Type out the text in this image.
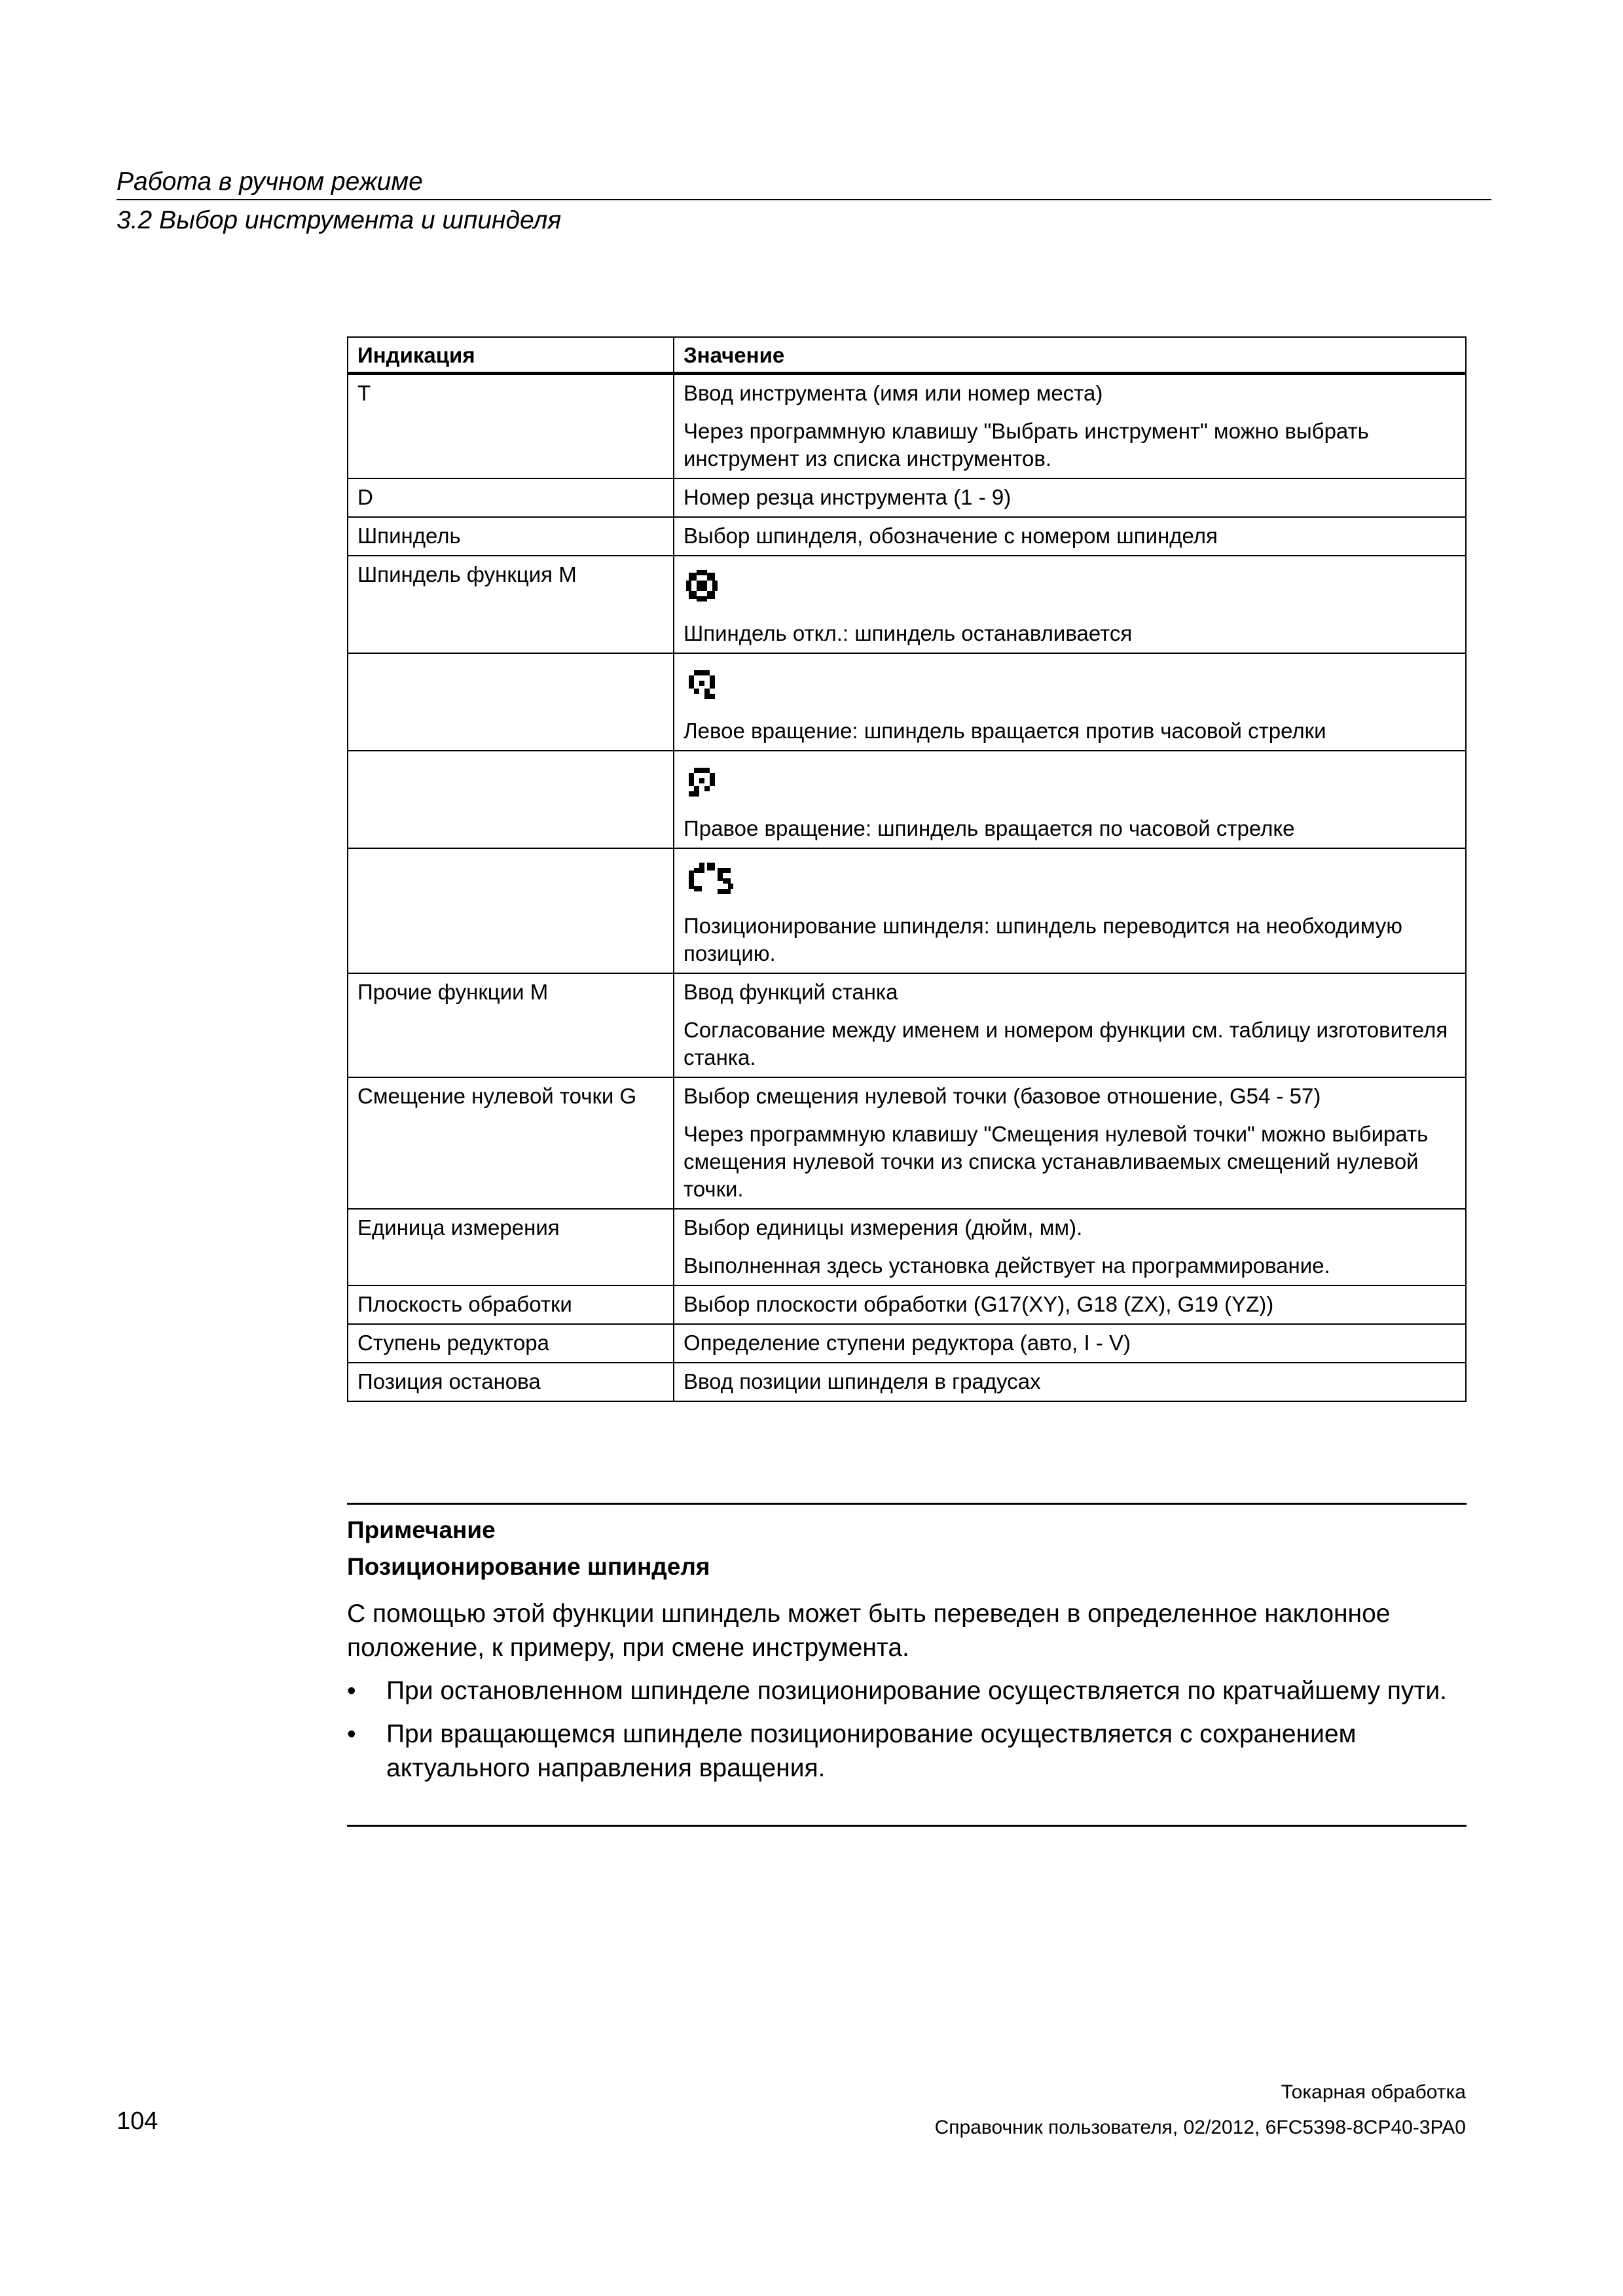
Работа в ручном режиме
3.2 Выбор инструмента и шпинделя
Индикация	Значение
T	Ввод инструмента (имя или номер места)

Через программную клавишу "Выбрать инструмент" можно выбрать инструмент из списка инструментов.

D	Номер резца инструмента (1 - 9)

Шпиндель	Выбор шпинделя, обозначение с номером шпинделя

Шпиндель функция M	Шпиндель откл.: шпиндель останавливается

	Левое вращение: шпиндель вращается против часовой стрелки

	Правое вращение: шпиндель вращается по часовой стрелке

	Позиционирование шпинделя: шпиндель переводится на необходимую позицию.

Прочие функции M	Ввод функций станка

Согласование между именем и номером функции см. таблицу изготовителя станка.

Смещение нулевой точки G	Выбор смещения нулевой точки (базовое отношение, G54 - 57)

Через программную клавишу "Смещения нулевой точки" можно выбирать смещения нулевой точки из списка устанавливаемых смещений нулевой точки.

Единица измерения	Выбор единицы измерения (дюйм, мм).

Выполненная здесь установка действует на программирование.

Плоскость обработки	Выбор плоскости обработки (G17(XY), G18 (ZX), G19 (YZ))

Ступень редуктора	Определение ступени редуктора (авто, I - V)

Позиция останова	Ввод позиции шпинделя в градусах

Примечание
Позиционирование шпинделя

С помощью этой функции шпиндель может быть переведен в определенное наклонное положение, к примеру, при смене инструмента.

•	При остановленном шпинделе позиционирование осуществляется по кратчайшему пути.
•	При вращающемся шпинделе позиционирование осуществляется с сохранением актуального направления вращения.
104
Токарная обработка
Справочник пользователя, 02/2012, 6FC5398-8CP40-3PA0
